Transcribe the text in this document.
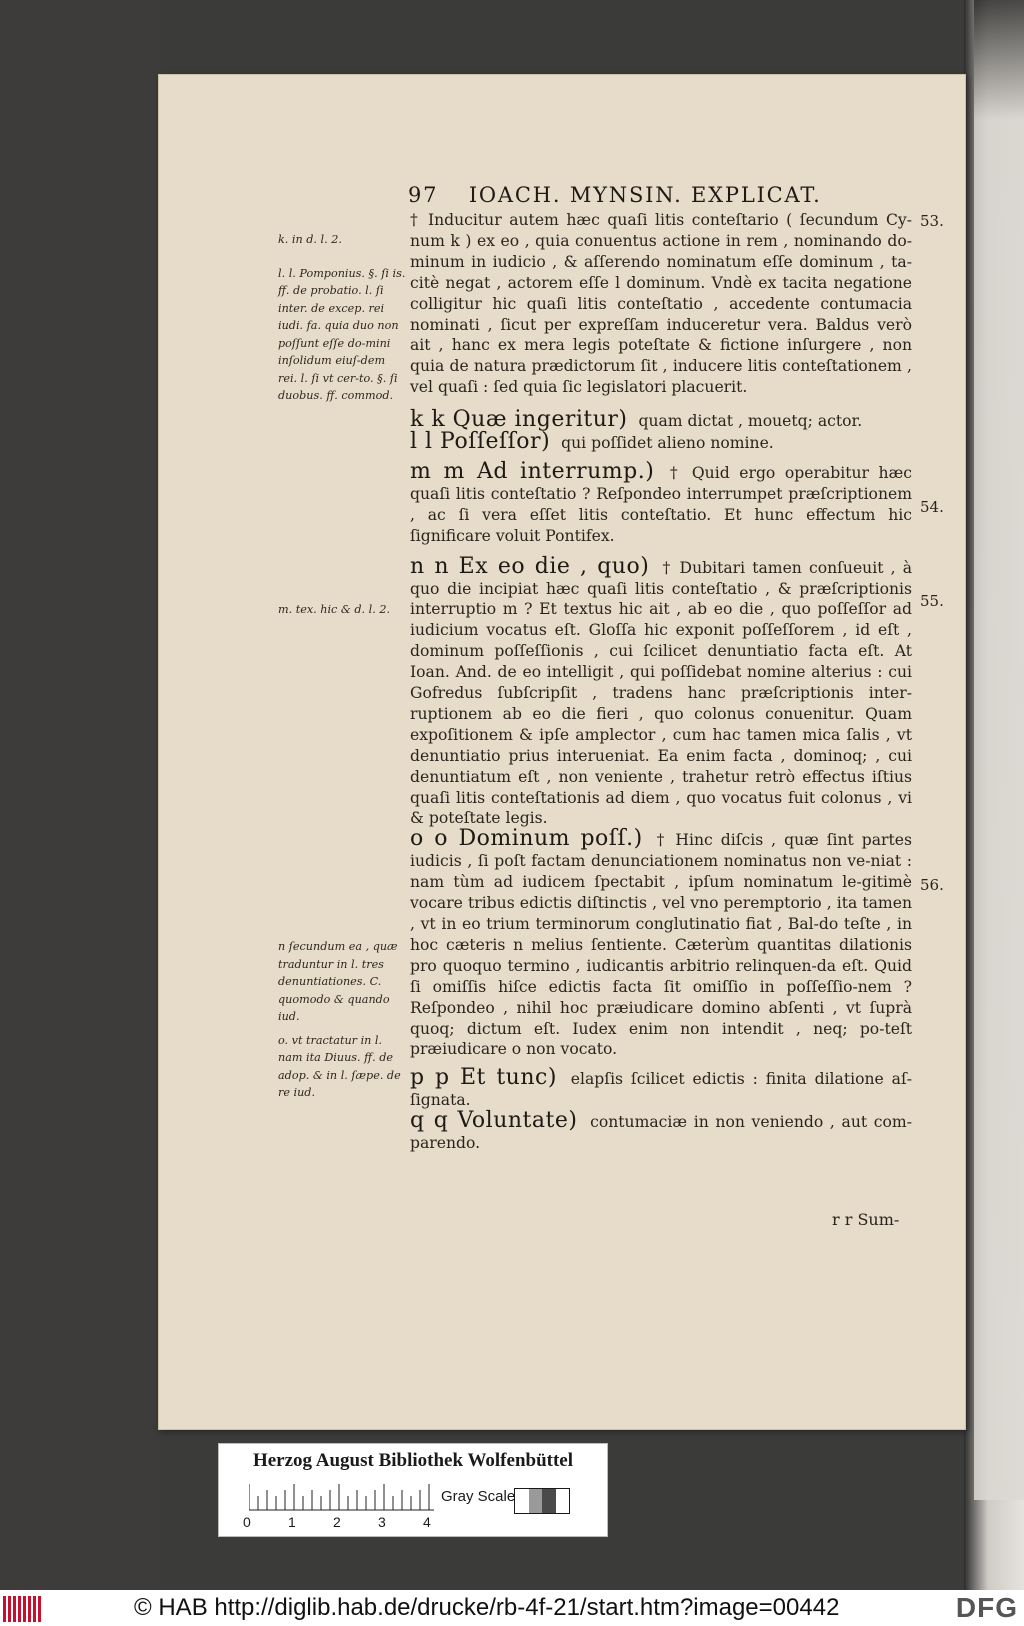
97 IOACH. MYNSIN. EXPLICAT.

† Inducitur autem hæc quaſi litis conteſtario ( ſecundum Cy-num k ) ex eo , quia conuentus actione in rem , nominando do-minum in iudicio , & aſſerendo nominatum eſſe dominum , ta-citè negat , actorem eſſe l dominum. Vndè ex tacita negatione colligitur hic quaſi litis conteſtatio , accedente contumacia nominati , ſicut per expreſſam induceretur vera. Baldus verò ait , hanc ex mera legis poteſtate & fictione inſurgere , non quia de natura prædictorum ſit , inducere litis conteſtationem , vel quaſi : ſed quia ſic legislatori placuerit.

k k Quæ ingeritur) quam dictat , mouetq; actor.

l l Poſſeſſor) qui poſſidet alieno nomine.

m m Ad interrump.) † Quid ergo operabitur hæc quaſi litis conteſtatio ? Reſpondeo interrumpet præſcriptionem , ac ſi vera eſſet litis conteſtatio. Et hunc effectum hic ſignificare voluit Pontifex.

n n Ex eo die , quo) † Dubitari tamen conſueuit , à quo die incipiat hæc quaſi litis conteſtatio , & præſcriptionis interruptio m ? Et textus hic ait , ab eo die , quo poſſeſſor ad iudicium vocatus eſt. Gloſſa hic exponit poſſeſſorem , id eſt , dominum poſſeſſionis , cui ſcilicet denuntiatio facta eſt. At Ioan. And. de eo intelligit , qui poſſidebat nomine alterius : cui Gofredus ſubſcripſit , tradens hanc præſcriptionis inter-ruptionem ab eo die fieri , quo colonus conuenitur. Quam expoſitionem & ipſe amplector , cum hac tamen mica ſalis , vt denuntiatio prius interueniat. Ea enim facta , dominoq; , cui denuntiatum eſt , non veniente , trahetur retrò effectus iſtius quaſi litis conteſtationis ad diem , quo vocatus fuit colonus , vi & poteſtate legis.

o o Dominum poſſ.) † Hinc diſcis , quæ ſint partes iudicis , ſi poſt factam denunciationem nominatus non ve-niat : nam tùm ad iudicem ſpectabit , ipſum nominatum le-gitimè vocare tribus edictis diſtinctis , vel vno peremptorio , ita tamen , vt in eo trium terminorum conglutinatio fiat , Bal-do teſte , in hoc cæteris n melius ſentiente. Cæterùm quantitas dilationis pro quoquo termino , iudicantis arbitrio relinquen-da eſt. Quid ſi omiſſis hiſce edictis facta ſit omiſſio in poſſeſſio-nem ? Reſpondeo , nihil hoc præiudicare domino abſenti , vt ſuprà quoq; dictum eſt. Iudex enim non intendit , neq; po-teſt præiudicare o non vocato.

p p Et tunc) elapſis ſcilicet edictis : finita dilatione aſ-ſignata.

q q Voluntate) contumaciæ in non veniendo , aut com-parendo.

k. in d. l. 2.

l. l. Pomponius. §. ſi is. ff. de probatio. l. ſi inter. de excep. rei iudi. fa. quia duo non poſſunt eſſe do-mini inſolidum eiuſ-dem rei. l. ſi vt cer-to. §. ſi duobus. ff. commod.

m. tex. hic & d. l. 2.

n ſecundum ea , quæ traduntur in l. tres denuntiationes. C. quomodo & quando iud.

o. vt tractatur in l. nam ita Diuus. ff. de adop. & in l. ſæpe. de re iud.

53.
54.
55.
56.
r r Sum-
Herzog August Bibliothek Wolfenbüttel
Gray Scale
0	1	2	3	4
© HAB http://diglib.hab.de/drucke/rb-4f-21/start.htm?image=00442	DFG
